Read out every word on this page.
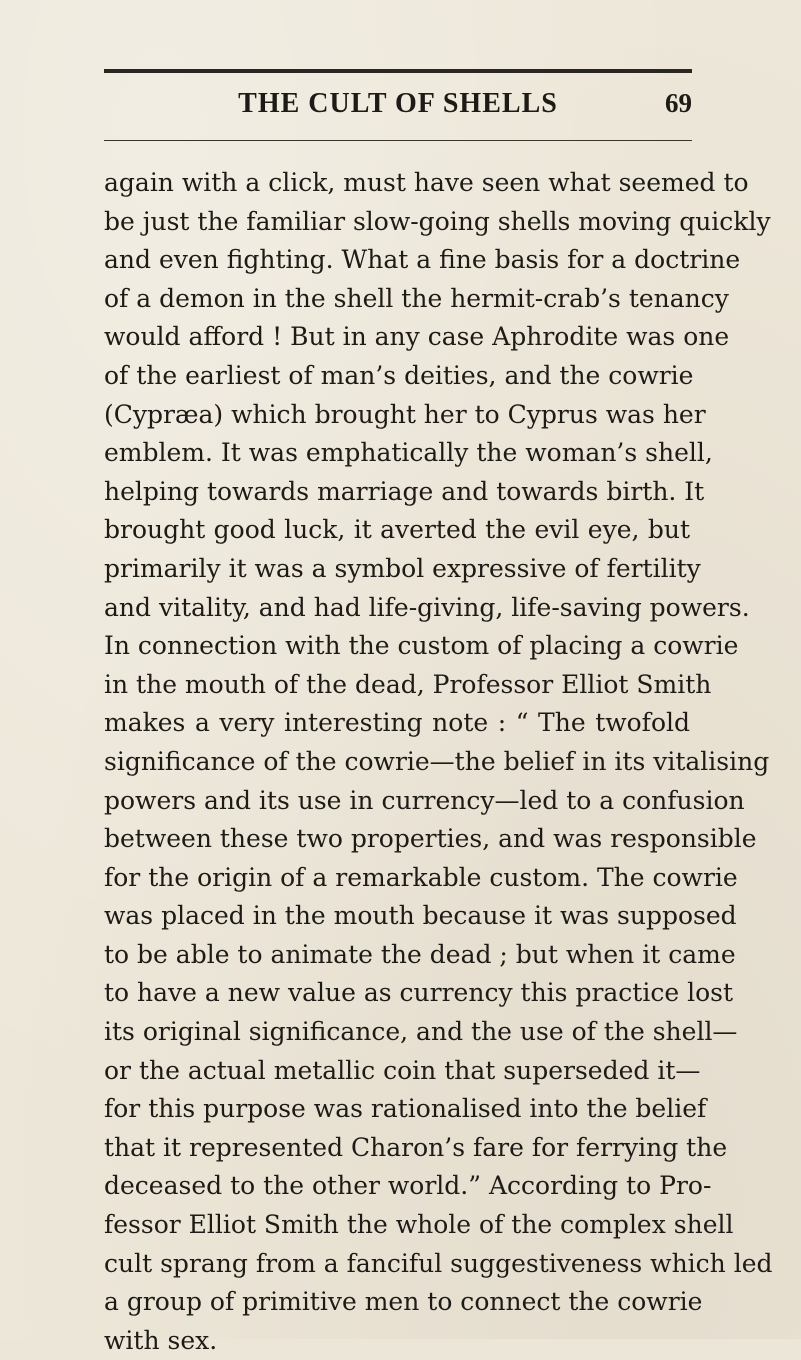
THE CULT OF SHELLS	69
again with a click, must have seen what seemed to
be just the familiar slow-going shells moving quickly
and even fighting. What a fine basis for a doctrine
of a demon in the shell the hermit-crab’s tenancy
would afford ! But in any case Aphrodite was one
of the earliest of man’s deities, and the cowrie
(Cypræa) which brought her to Cyprus was her
emblem. It was emphatically the woman’s shell,
helping towards marriage and towards birth. It
brought good luck, it averted the evil eye, but
primarily it was a symbol expressive of fertility
and vitality, and had life-giving, life-saving powers.
In connection with the custom of placing a cowrie
in the mouth of the dead, Professor Elliot Smith
makes a very interesting note : “ The twofold
significance of the cowrie—the belief in its vitalising
powers and its use in currency—led to a confusion
between these two properties, and was responsible
for the origin of a remarkable custom. The cowrie
was placed in the mouth because it was supposed
to be able to animate the dead ; but when it came
to have a new value as currency this practice lost
its original significance, and the use of the shell—
or the actual metallic coin that superseded it—
for this purpose was rationalised into the belief
that it represented Charon’s fare for ferrying the
deceased to the other world.” According to Pro-
fessor Elliot Smith the whole of the complex shell
cult sprang from a fanciful suggestiveness which led
a group of primitive men to connect the cowrie
with sex.
